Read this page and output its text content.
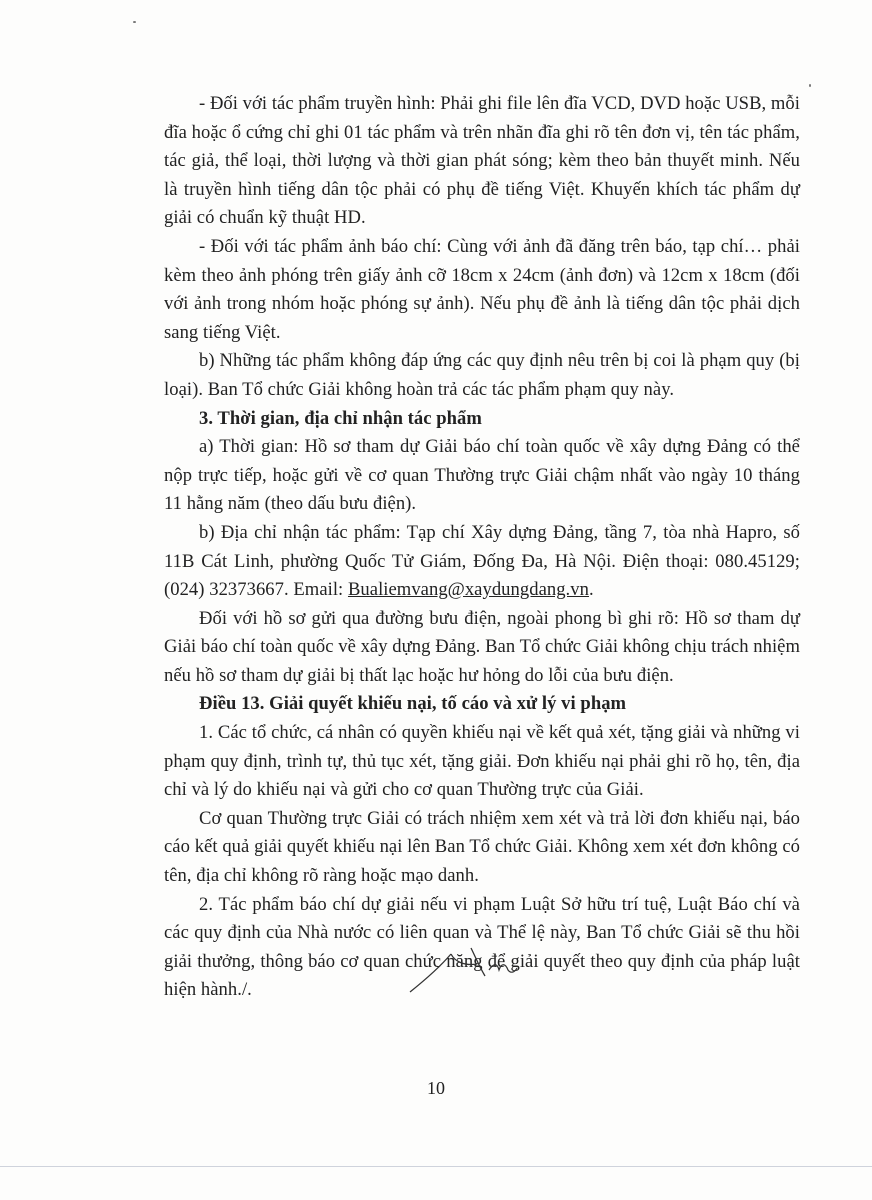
- Đối với tác phẩm truyền hình: Phải ghi file lên đĩa VCD, DVD hoặc USB, mỗi đĩa hoặc ổ cứng chỉ ghi 01 tác phẩm và trên nhãn đĩa ghi rõ tên đơn vị, tên tác phẩm, tác giả, thể loại, thời lượng và thời gian phát sóng; kèm theo bản thuyết minh. Nếu là truyền hình tiếng dân tộc phải có phụ đề tiếng Việt. Khuyến khích tác phẩm dự giải có chuẩn kỹ thuật HD.

- Đối với tác phẩm ảnh báo chí: Cùng với ảnh đã đăng trên báo, tạp chí… phải kèm theo ảnh phóng trên giấy ảnh cỡ 18cm x 24cm (ảnh đơn) và 12cm x 18cm (đối với ảnh trong nhóm hoặc phóng sự ảnh). Nếu phụ đề ảnh là tiếng dân tộc phải dịch sang tiếng Việt.

b) Những tác phẩm không đáp ứng các quy định nêu trên bị coi là phạm quy (bị loại). Ban Tổ chức Giải không hoàn trả các tác phẩm phạm quy này.

3. Thời gian, địa chỉ nhận tác phẩm

a) Thời gian: Hồ sơ tham dự Giải báo chí toàn quốc về xây dựng Đảng có thể nộp trực tiếp, hoặc gửi về cơ quan Thường trực Giải chậm nhất vào ngày 10 tháng 11 hằng năm (theo dấu bưu điện).

b) Địa chỉ nhận tác phẩm: Tạp chí Xây dựng Đảng, tầng 7, tòa nhà Hapro, số 11B Cát Linh, phường Quốc Tử Giám, Đống Đa, Hà Nội. Điện thoại: 080.45129; (024) 32373667. Email: Bualiemvang@xaydungdang.vn.

Đối với hồ sơ gửi qua đường bưu điện, ngoài phong bì ghi rõ: Hồ sơ tham dự Giải báo chí toàn quốc về xây dựng Đảng. Ban Tổ chức Giải không chịu trách nhiệm nếu hồ sơ tham dự giải bị thất lạc hoặc hư hỏng do lỗi của bưu điện.

Điều 13. Giải quyết khiếu nại, tố cáo và xử lý vi phạm

1. Các tổ chức, cá nhân có quyền khiếu nại về kết quả xét, tặng giải và những vi phạm quy định, trình tự, thủ tục xét, tặng giải. Đơn khiếu nại phải ghi rõ họ, tên, địa chỉ và lý do khiếu nại và gửi cho cơ quan Thường trực của Giải.

Cơ quan Thường trực Giải có trách nhiệm xem xét và trả lời đơn khiếu nại, báo cáo kết quả giải quyết khiếu nại lên Ban Tổ chức Giải. Không xem xét đơn không có tên, địa chỉ không rõ ràng hoặc mạo danh.

2. Tác phẩm báo chí dự giải nếu vi phạm Luật Sở hữu trí tuệ, Luật Báo chí và các quy định của Nhà nước có liên quan và Thể lệ này, Ban Tổ chức Giải sẽ thu hồi giải thưởng, thông báo cơ quan chức năng để giải quyết theo quy định của pháp luật hiện hành./.

10
